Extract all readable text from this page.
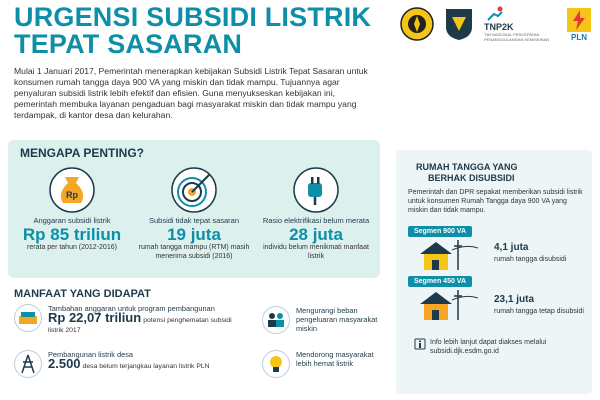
URGENSI SUBSIDI LISTRIK
TEPAT SASARAN
TNP2K
TIM NASIONAL PERCEPATAN PENANGGULANGAN KEMISKINAN	PLN

Mulai 1 Januari 2017, Pemerintah menerapkan kebijakan Subsidi Listrik Tepat Sasaran untuk konsumen rumah tangga daya 900 VA yang miskin dan tidak mampu. Tujuannya agar penyaluran subsidi listrik lebih efektif dan efisien. Guna menyukseskan kebijakan ini, pemerintah membuka layanan pengaduan bagi masyarakat miskin dan tidak mampu yang terdampak, di kantor desa dan kelurahan.

MENGAPA PENTING?
Rp
Anggaran subsidi listrik
Rp 85 triliun
rerata per tahun (2012-2016)
Subsidi tidak tepat sasaran
19 juta
rumah tangga mampu (RTM) masih menerima subsidi (2016)
Rasio elektrifikasi belum merata
28 juta
individu belum menikmati manfaat listrik
MANFAAT YANG DIDAPAT
Tambahan anggaran untuk program pembangunan
Rp 22,07 triliun potensi penghematan subsidi listrik 2017
Pembangunan listrik desa
2.500 desa belum terjangkau layanan listrik PLN
Mengurangi beban pengeluaran masyarakat miskin
Mendorong masyarakat lebih hemat listrik
RUMAH TANGGA YANG
BERHAK DISUBSIDI
Pemerintah dan DPR sepakat memberikan subsidi listrik untuk konsumen Rumah Tangga daya 900 VA yang miskin dan tidak mampu.
Segmen 900 VA
4,1 juta
rumah tangga disubsidi
Segmen 450 VA
23,1 juta
rumah tangga tetap disubsidi
Info lebih lanjut dapat diakses melalui
subsidi.djk.esdm.go.id
